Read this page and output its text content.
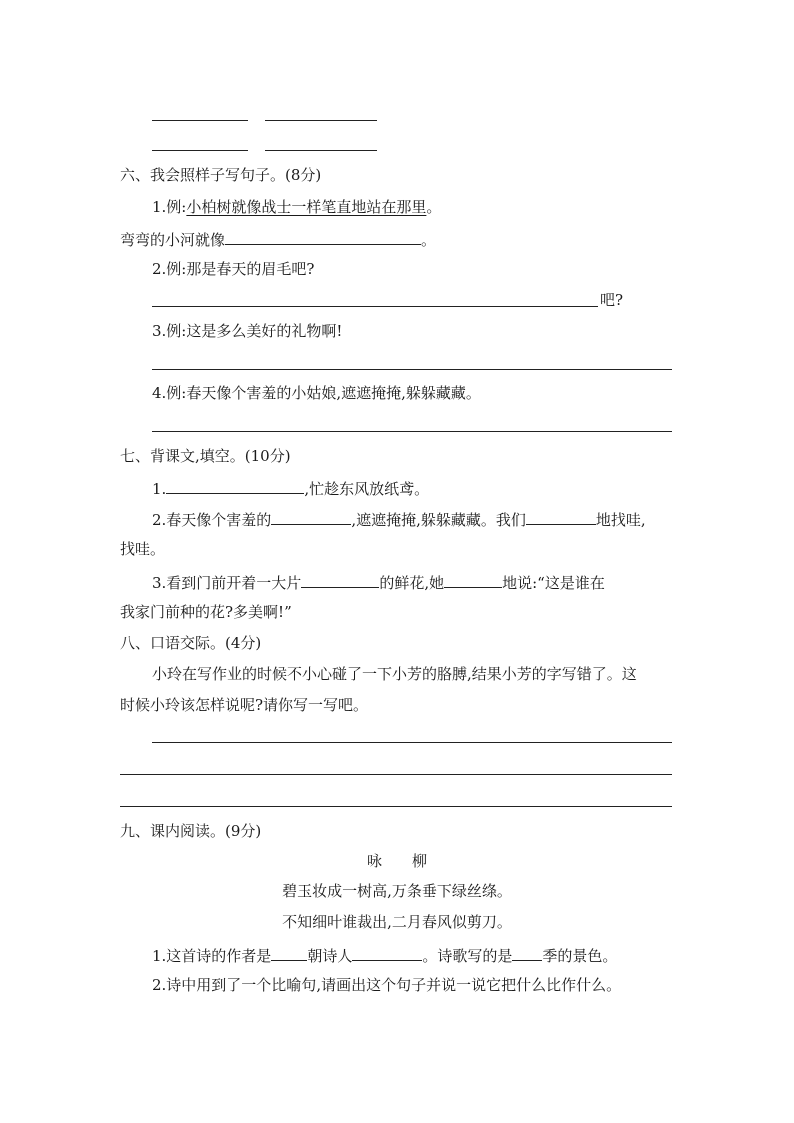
六、我会照样子写句子。(8分)
1.例:小柏树就像战士一样笔直地站在那里。
弯弯的小河就像	。
2.例:那是春天的眉毛吧?
吧?
3.例:这是多么美好的礼物啊!
4.例:春天像个害羞的小姑娘,遮遮掩掩,躲躲藏藏。
七、背课文,填空。(10分)
1.	,忙趁东风放纸鸢。
2.春天像个害羞的	,遮遮掩掩,躲躲藏藏。我们	地找哇,
找哇。
3.看到门前开着一大片	的鲜花,她	地说:“这是谁在
我家门前种的花?多美啊!”
八、口语交际。(4分)
小玲在写作业的时候不小心碰了一下小芳的胳膊,结果小芳的字写错了。这
时候小玲该怎样说呢?请你写一写吧。
九、课内阅读。(9分)
咏　　柳
碧玉妆成一树高,万条垂下绿丝绦。
不知细叶谁裁出,二月春风似剪刀。
1.这首诗的作者是 朝诗人	。诗歌写的是 季的景色。
2.诗中用到了一个比喻句,请画出这个句子并说一说它把什么比作什么。
